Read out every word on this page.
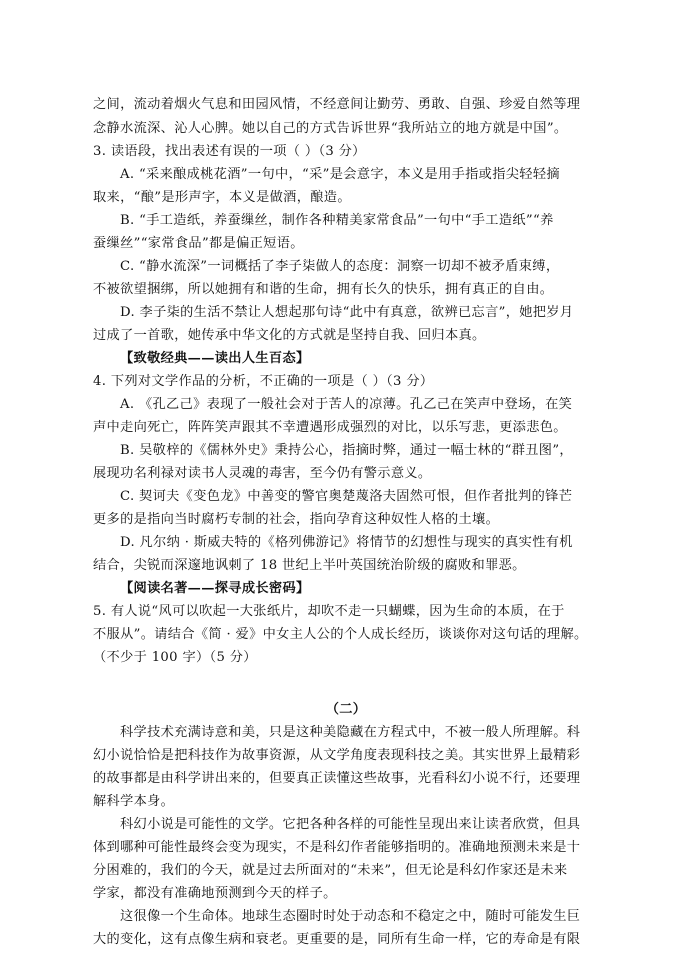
之间，流动着烟火气息和田园风情，不经意间让勤劳、勇敢、自强、珍爱自然等理
念静水流深、沁人心脾。她以自己的方式告诉世界“我所站立的地方就是中国”。
3. 读语段，找出表述有误的一项（ ）（3 分）
A. “采来酿成桃花酒”一句中，“采”是会意字，本义是用手指或指尖轻轻摘
取来，“酿”是形声字，本义是做酒，酿造。
B. “手工造纸，养蚕缫丝，制作各种精美家常食品”一句中“手工造纸”“养
蚕缫丝”“家常食品”都是偏正短语。
C. “静水流深”一词概括了李子柒做人的态度：洞察一切却不被矛盾束缚，
不被欲望捆绑，所以她拥有和谐的生命，拥有长久的快乐，拥有真正的自由。
D. 李子柒的生活不禁让人想起那句诗“此中有真意，欲辨已忘言”，她把岁月
过成了一首歌，她传承中华文化的方式就是坚持自我、回归本真。
【致敬经典——读出人生百态】
4. 下列对文学作品的分析，不正确的一项是（ ）（3 分）
A. 《孔乙己》表现了一般社会对于苦人的凉薄。孔乙己在笑声中登场，在笑
声中走向死亡，阵阵笑声跟其不幸遭遇形成强烈的对比，以乐写悲，更添悲色。
B. 吴敬梓的《儒林外史》秉持公心，指摘时弊，通过一幅士林的“群丑图”，
展现功名利禄对读书人灵魂的毒害，至今仍有警示意义。
C. 契诃夫《变色龙》中善变的警官奥楚蔑洛夫固然可恨，但作者批判的锋芒
更多的是指向当时腐朽专制的社会，指向孕育这种奴性人格的土壤。
D. 凡尔纳 · 斯威夫特的《格列佛游记》将情节的幻想性与现实的真实性有机
结合，尖锐而深邃地讽刺了 18 世纪上半叶英国统治阶级的腐败和罪恶。
【阅读名著——探寻成长密码】
5. 有人说“风可以吹起一大张纸片，却吹不走一只蝴蝶，因为生命的本质，在于
不服从”。请结合《简 · 爱》中女主人公的个人成长经历，谈谈你对这句话的理解。
（不少于 100 字）（5 分）
（二）
科学技术充满诗意和美，只是这种美隐藏在方程式中，不被一般人所理解。科
幻小说恰恰是把科技作为故事资源，从文学角度表现科技之美。其实世界上最精彩
的故事都是由科学讲出来的，但要真正读懂这些故事，光看科幻小说不行，还要理
解科学本身。
科幻小说是可能性的文学。它把各种各样的可能性呈现出来让读者欣赏，但具
体到哪种可能性最终会变为现实，不是科幻作者能够指明的。准确地预测未来是十
分困难的，我们的今天，就是过去所面对的“未来”，但无论是科幻作家还是未来
学家，都没有准确地预测到今天的样子。
这很像一个生命体。地球生态圈时时处于动态和不稳定之中，随时可能发生巨
大的变化，这有点像生病和衰老。更重要的是，同所有生命一样，它的寿命是有限
